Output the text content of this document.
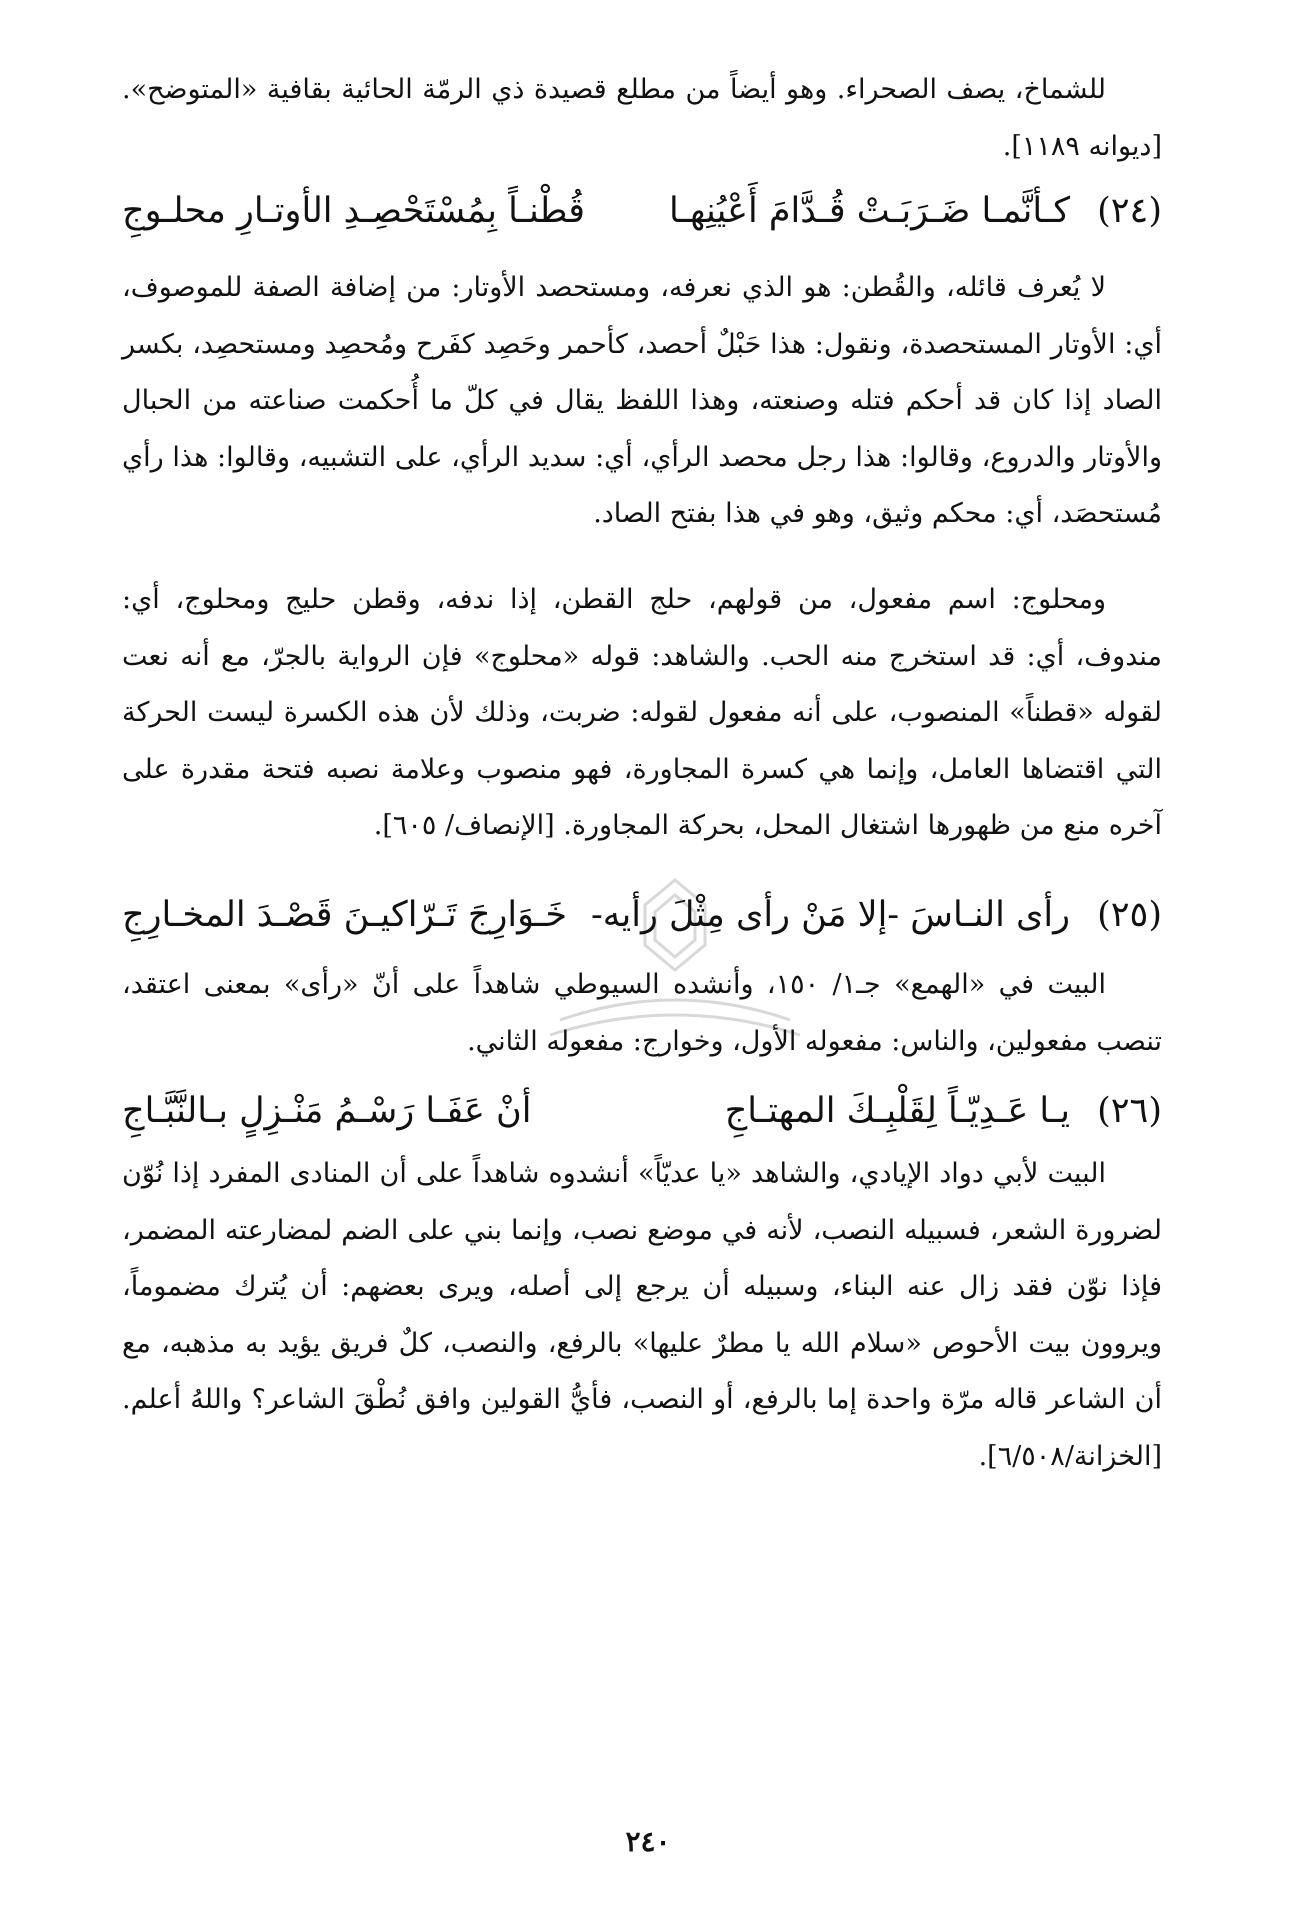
للشماخ، يصف الصحراء. وهو أيضاً من مطلع قصيدة ذي الرمّة الحائية بقافية «المتوضح». [ديوانه ١١٨٩].

(٢٤)
كـأنَّمـا ضَـرَبَـتْ قُـدَّامَ أَعْيُنِهـا
قُطْنـاً بِمُسْتَحْصِـدِ الأوتـارِ محلـوجِ

لا يُعرف قائله، والقُطن: هو الذي نعرفه، ومستحصد الأوتار: من إضافة الصفة للموصوف، أي: الأوتار المستحصدة، ونقول: هذا حَبْلٌ أحصد، كأحمر وحَصِد كفَرح ومُحصِد ومستحصِد، بكسر الصاد إذا كان قد أحكم فتله وصنعته، وهذا اللفظ يقال في كلّ ما أُحكمت صناعته من الحبال والأوتار والدروع، وقالوا: هذا رجل محصد الرأي، أي: سديد الرأي، على التشبيه، وقالوا: هذا رأي مُستحصَد، أي: محكم وثيق، وهو في هذا بفتح الصاد.

ومحلوج: اسم مفعول، من قولهم، حلج القطن، إذا ندفه، وقطن حليج ومحلوج، أي: مندوف، أي: قد استخرج منه الحب. والشاهد: قوله «محلوج» فإن الرواية بالجرّ، مع أنه نعت لقوله «قطناً» المنصوب، على أنه مفعول لقوله: ضربت، وذلك لأن هذه الكسرة ليست الحركة التي اقتضاها العامل، وإنما هي كسرة المجاورة، فهو منصوب وعلامة نصبه فتحة مقدرة على آخره منع من ظهورها اشتغال المحل، بحركة المجاورة. [الإنصاف/ ٦٠٥].

(٢٥)
رأى النـاسَ -إلا مَنْ رأى مِثْلَ رأيه-
خَـوَارِجَ تَـرّاكيـنَ قَصْـدَ المخـارِجِ

البيت في «الهمع» جـ١/ ١٥٠، وأنشده السيوطي شاهداً على أنّ «رأى» بمعنى اعتقد، تنصب مفعولين، والناس: مفعوله الأول، وخوارج: مفعوله الثاني.

(٢٦)
يـا عَـدِيّـاً لِقَلْبِـكَ المهتـاجِ
أنْ عَفَـا رَسْـمُ مَنْـزِلٍ بـالنَّبَّـاجِ

البيت لأبي دواد الإيادي، والشاهد «يا عديّاً» أنشدوه شاهداً على أن المنادى المفرد إذا نُوّن لضرورة الشعر، فسبيله النصب، لأنه في موضع نصب، وإنما بني على الضم لمضارعته المضمر، فإذا نوّن فقد زال عنه البناء، وسبيله أن يرجع إلى أصله، ويرى بعضهم: أن يُترك مضموماً، ويروون بيت الأحوص «سلام الله يا مطرٌ عليها» بالرفع، والنصب، كلٌ فريق يؤيد به مذهبه، مع أن الشاعر قاله مرّة واحدة إما بالرفع، أو النصب، فأيُّ القولين وافق نُطْقَ الشاعر؟ واللهُ أعلم. [الخزانة/٦/٥٠٨].

٢٤٠
